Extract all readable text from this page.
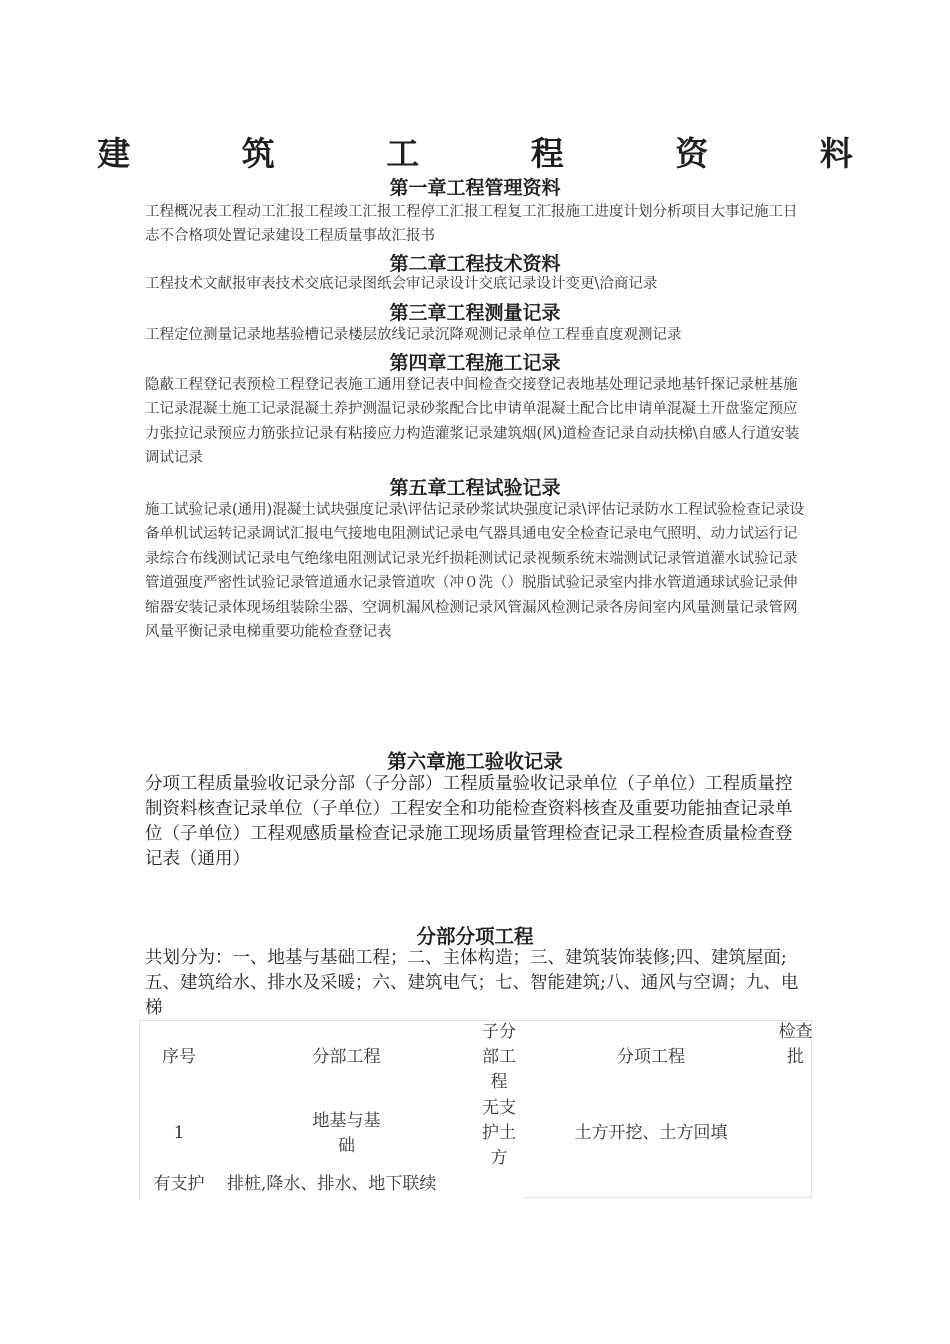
建 筑 工 程 资 料
第一章工程管理资料
工程概况表工程动工汇报工程竣工汇报工程停工汇报工程复工汇报施工进度计划分析项目大事记施工日志不合格项处置记录建设工程质量事故汇报书
第二章工程技术资料
工程技术文献报审表技术交底记录图纸会审记录设计交底记录设计变更\洽商记录
第三章工程测量记录
工程定位测量记录地基验槽记录楼层放线记录沉降观测记录单位工程垂直度观测记录
第四章工程施工记录
隐蔽工程登记表预检工程登记表施工通用登记表中间检查交接登记表地基处理记录地基钎探记录桩基施工记录混凝土施工记录混凝土养护测温记录砂浆配合比申请单混凝土配合比申请单混凝土开盘鉴定预应力张拉记录预应力筋张拉记录有粘接应力构造灌浆记录建筑烟(风)道检查记录自动扶梯\自感人行道安装调试记录
第五章工程试验记录
施工试验记录(通用)混凝土试块强度记录\评估记录砂浆试块强度记录\评估记录防水工程试验检查记录设备单机试运转记录调试汇报电气接地电阻测试记录电气器具通电安全检查记录电气照明、动力试运行记录综合布线测试记录电气绝缘电阻测试记录光纤损耗测试记录视频系统末端测试记录管道灌水试验记录管道强度严密性试验记录管道通水记录管道吹（冲０洗（）脱脂试验记录室内排水管道通球试验记录伸缩器安装记录体现场组装除尘器、空调机漏风检测记录风管漏风检测记录各房间室内风量测量记录管网风量平衡记录电梯重要功能检查登记表
第六章施工验收记录
分项工程质量验收记录分部（子分部）工程质量验收记录单位（子单位）工程质量控制资料核查记录单位（子单位）工程安全和功能检查资料核查及重要功能抽查记录单位（子单位）工程观感质量检查记录施工现场质量管理检查记录工程检查质量检查登记表（通用）
分部分项工程
共划分为：一、地基与基础工程；二、主体构造；三、建筑装饰装修;四、建筑屋面;五、建筑给水、排水及采暖；六、建筑电气；七、智能建筑;八、通风与空调；九、电梯
序号	分部工程	子分部工程	分项工程	检查批
1	地基与基础	无支护土方	土方开挖、土方回填	
有支护	排桩,降水、排水、地下联续			
